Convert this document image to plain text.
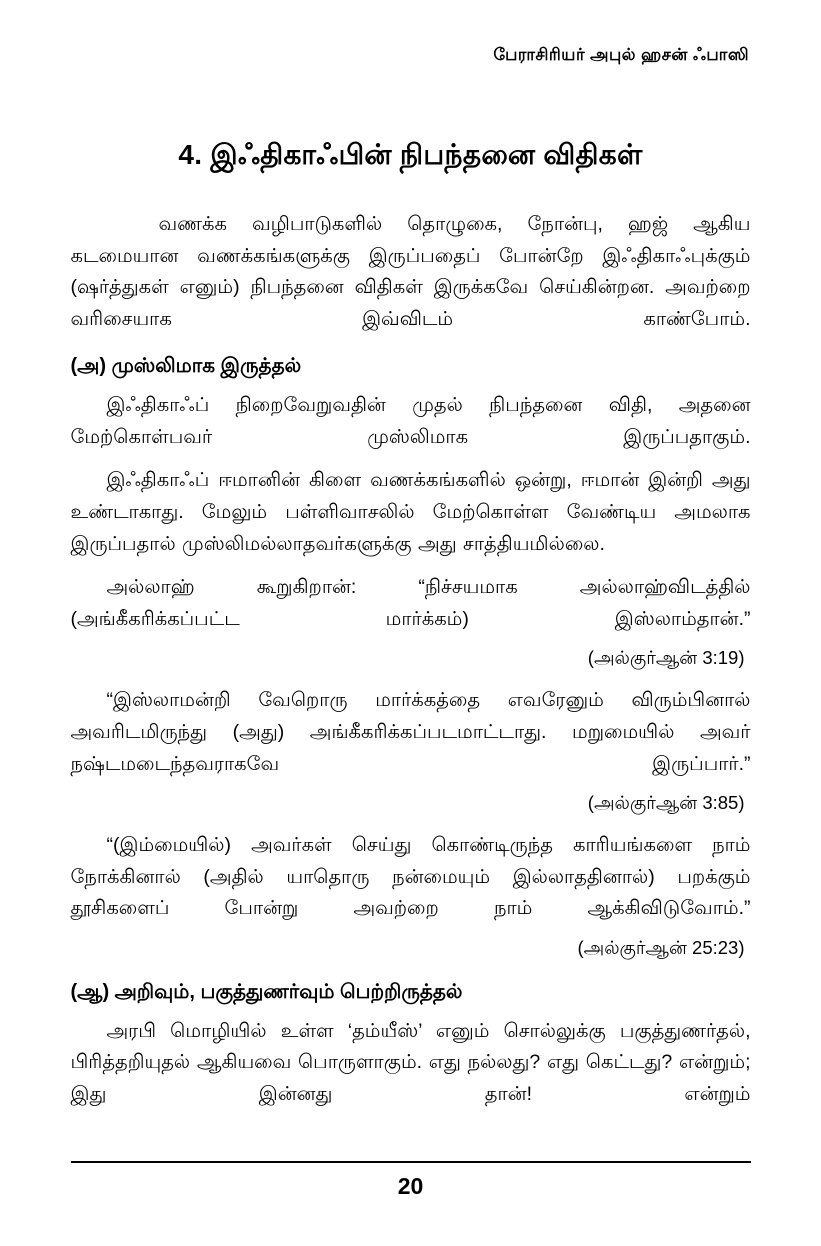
பேராசிரியர் அபுல் ஹசன் ஃபாஸி
4. இஃதிகாஃபின் நிபந்தனை விதிகள்

வணக்க வழிபாடுகளில் தொழுகை, நோன்பு, ஹஜ் ஆகிய கடமையான வணக்கங்களுக்கு இருப்பதைப் போன்றே இஃதிகாஃபுக்கும் (ஷர்த்துகள் எனும்) நிபந்தனை விதிகள் இருக்கவே செய்கின்றன. அவற்றை வரிசையாக இவ்விடம் காண்போம்.

(அ) முஸ்லிமாக இருத்தல்

இஃதிகாஃப் நிறைவேறுவதின் முதல் நிபந்தனை விதி, அதனை மேற்கொள்பவர் முஸ்லிமாக இருப்பதாகும்.

இஃதிகாஃப் ஈமானின் கிளை வணக்கங்களில் ஒன்று, ஈமான் இன்றி அது உண்டாகாது. மேலும் பள்ளிவாசலில் மேற்கொள்ள வேண்டிய அமலாக இருப்பதால் முஸ்லிமல்லாதவர்களுக்கு அது சாத்தியமில்லை.

அல்லாஹ் கூறுகிறான்: “நிச்சயமாக அல்லாஹ்விடத்தில் (அங்கீகரிக்கப்பட்ட மார்க்கம்) இஸ்லாம்தான்.”

(அல்குர்ஆன் 3:19)

“இஸ்லாமன்றி வேறொரு மார்க்கத்தை எவரேனும் விரும்பினால் அவரிடமிருந்து (அது) அங்கீகரிக்கப்படமாட்டாது. மறுமையில் அவர் நஷ்டமடைந்தவராகவே இருப்பார்.”

(அல்குர்ஆன் 3:85)

“(இம்மையில்) அவர்கள் செய்து கொண்டிருந்த காரியங்களை நாம் நோக்கினால் (அதில் யாதொரு நன்மையும் இல்லாததினால்) பறக்கும் தூசிகளைப் போன்று அவற்றை நாம் ஆக்கிவிடுவோம்.”

(அல்குர்ஆன் 25:23)

(ஆ) அறிவும், பகுத்துணர்வும் பெற்றிருத்தல்

அரபி மொழியில் உள்ள ‘தம்யீஸ்’ எனும் சொல்லுக்கு பகுத்துணர்தல், பிரித்தறியுதல் ஆகியவை பொருளாகும். எது நல்லது? எது கெட்டது? என்றும்; இது இன்னது தான்! என்றும்

20
